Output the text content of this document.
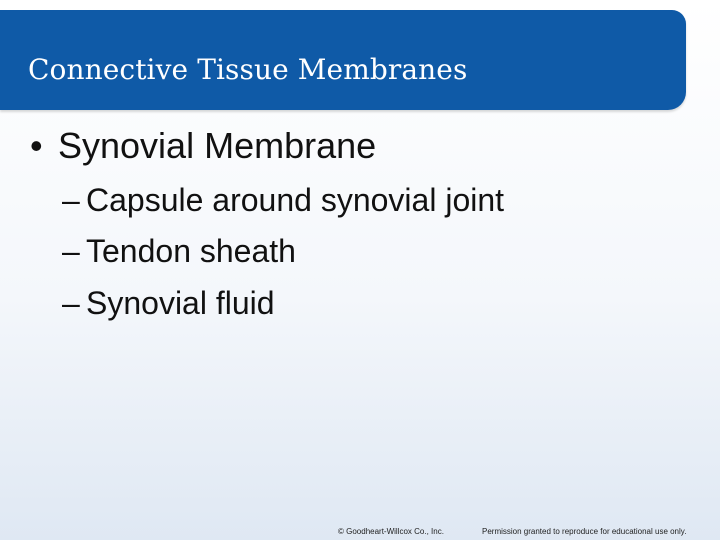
Connective Tissue Membranes
• Synovial Membrane
– Capsule around synovial joint
– Tendon sheath
– Synovial fluid
© Goodheart-Willcox Co., Inc.	Permission granted to reproduce for educational use only.
